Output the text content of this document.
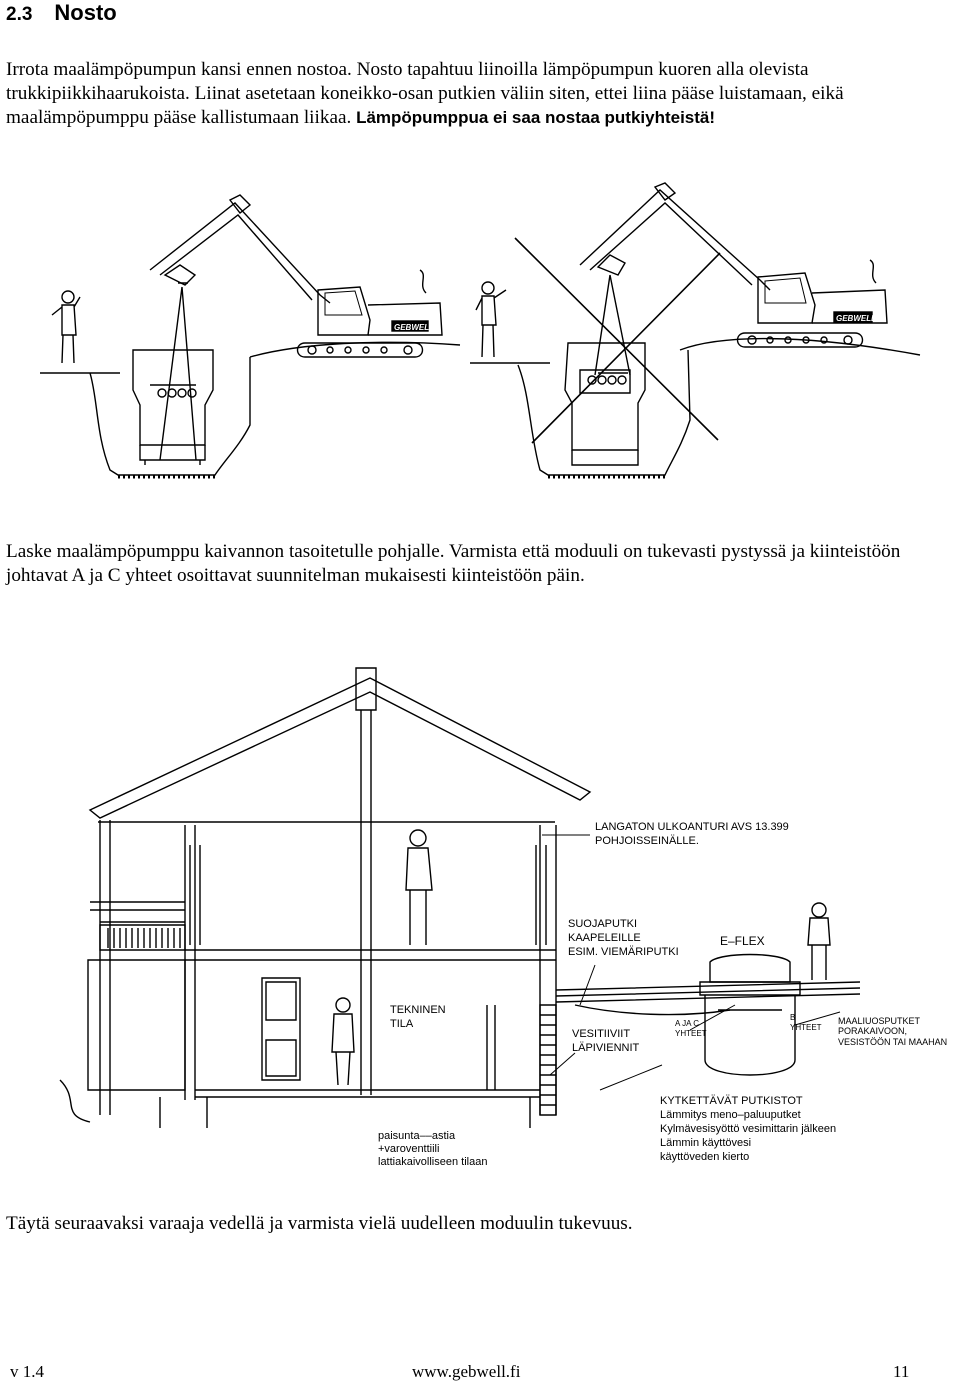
2.3 Nosto
Irrota maalämpöpumpun kansi ennen nostoa. Nosto tapahtuu liinoilla lämpöpumpun kuoren alla olevista trukkipiikkihaarukoista. Liinat asetetaan koneikko-osan putkien väliin siten, ettei liina pääse luistamaan, eikä maalämpöpumppu pääse kallistumaan liikaa. Lämpöpumppua ei saa nostaa putkiyhteistä!
GEBWELL
GEBWELL
Laske maalämpöpumppu kaivannon tasoitetulle pohjalle. Varmista että moduuli on tukevasti pystyssä ja kiinteistöön johtavat A ja C yhteet osoittavat suunnitelman mukaisesti kiinteistöön päin.
LANGATON ULKOANTURI AVS 13.399
POHJOISSEINÄLLE.
SUOJAPUTKI
KAAPELEILLE
ESIM. VIEMÄRIPUTKI
E–FLEX
TEKNINEN
TILA
VESITIIVIIT
LÄPIVIENNIT
A JA C
YHTEET
B
YHTEET
MAALIUOSPUTKET
PORAKAIVOON,
VESISTÖÖN TAI MAAHAN
KYTKETTÄVÄT PUTKISTOT
Lämmitys meno–paluuputket
Kylmävesisyöttö vesimittarin jälkeen
Lämmin käyttövesi
käyttöveden kierto
paisunta––astia
+varoventtiili
lattiakaivolliseen tilaan
Täytä seuraavaksi varaaja vedellä ja varmista vielä uudelleen moduulin tukevuus.
v 1.4	www.gebwell.fi	11
